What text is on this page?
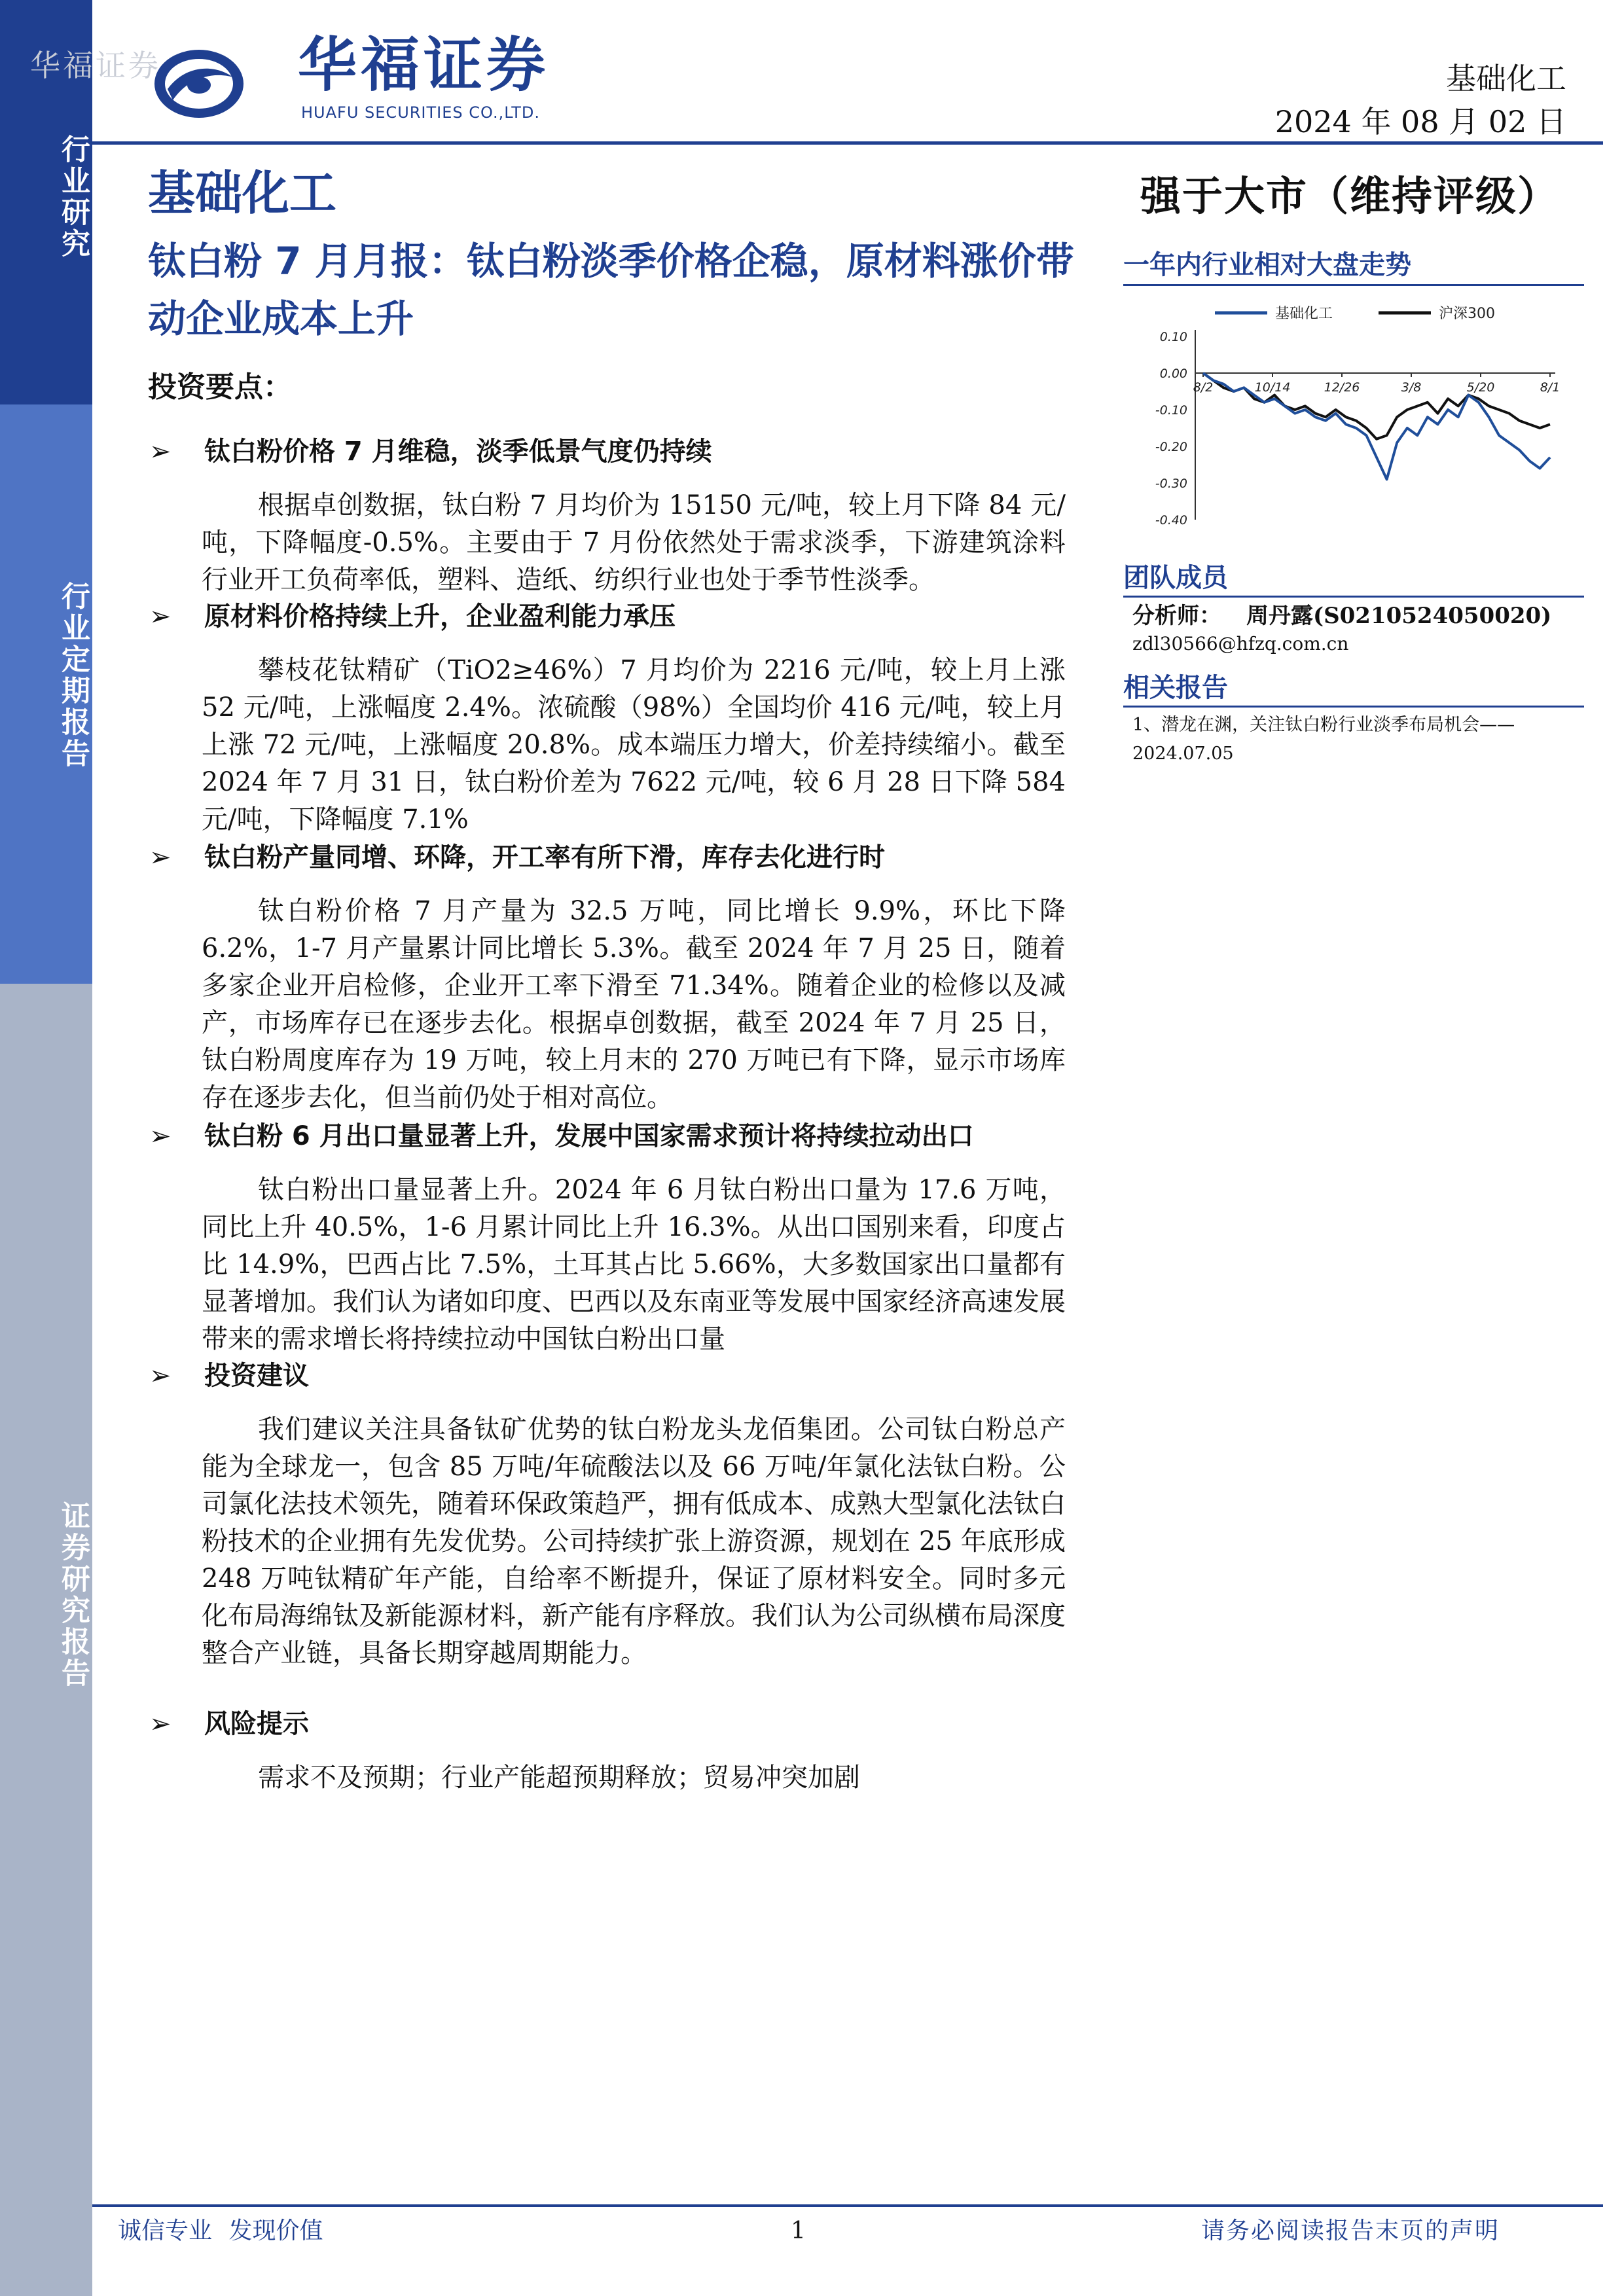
行业研究
行业定期报告
证券研究报告
华福证券 华福证券
HUAFU SECURITIES CO.,LTD.
基础化工
2024 年 08 月 02 日
基础化工
钛白粉 7 月月报：钛白粉淡季价格企稳，原材料涨价带动企业成本上升
投资要点：
➢ 钛白粉价格 7 月维稳，淡季低景气度仍持续
根据卓创数据，钛白粉 7 月均价为 15150 元/吨，较上月下降 84 元/吨，下降幅度-0.5%。主要由于 7 月份依然处于需求淡季，下游建筑涂料行业开工负荷率低，塑料、造纸、纺织行业也处于季节性淡季。
➢ 原材料价格持续上升，企业盈利能力承压
攀枝花钛精矿（TiO2≥46%）7 月均价为 2216 元/吨，较上月上涨 52 元/吨，上涨幅度 2.4%。浓硫酸（98%）全国均价 416 元/吨，较上月上涨 72 元/吨，上涨幅度 20.8%。成本端压力增大，价差持续缩小。截至 2024 年 7 月 31 日，钛白粉价差为 7622 元/吨，较 6 月 28 日下降 584 元/吨，下降幅度 7.1%
➢ 钛白粉产量同增、环降，开工率有所下滑，库存去化进行时
钛白粉价格 7 月产量为 32.5 万吨，同比增长 9.9%，环比下降 6.2%，1-7 月产量累计同比增长 5.3%。截至 2024 年 7 月 25 日，随着多家企业开启检修，企业开工率下滑至 71.34%。随着企业的检修以及减产，市场库存已在逐步去化。根据卓创数据，截至 2024 年 7 月 25 日，钛白粉周度库存为 19 万吨，较上月末的 270 万吨已有下降，显示市场库存在逐步去化，但当前仍处于相对高位。
➢ 钛白粉 6 月出口量显著上升，发展中国家需求预计将持续拉动出口
钛白粉出口量显著上升。2024 年 6 月钛白粉出口量为 17.6 万吨，同比上升 40.5%，1-6 月累计同比上升 16.3%。从出口国别来看，印度占比 14.9%，巴西占比 7.5%，土耳其占比 5.66%，大多数国家出口量都有显著增加。我们认为诸如印度、巴西以及东南亚等发展中国家经济高速发展带来的需求增长将持续拉动中国钛白粉出口量
➢ 投资建议
我们建议关注具备钛矿优势的钛白粉龙头龙佰集团。公司钛白粉总产能为全球龙一，包含 85 万吨/年硫酸法以及 66 万吨/年氯化法钛白粉。公司氯化法技术领先，随着环保政策趋严，拥有低成本、成熟大型氯化法钛白粉技术的企业拥有先发优势。公司持续扩张上游资源，规划在 25 年底形成 248 万吨钛精矿年产能，自给率不断提升，保证了原材料安全。同时多元化布局海绵钛及新能源材料，新产能有序释放。我们认为公司纵横布局深度整合产业链，具备长期穿越周期能力。
➢ 风险提示
需求不及预期；行业产能超预期释放；贸易冲突加剧
强于大市（维持评级）
一年内行业相对大盘走势
基础化工	沪深300
0.10
0.00
-0.10
-0.20
-0.30
-0.40
8/2	10/14	12/26	3/8	5/20	8/1
团队成员
分析师： 周丹露(S0210524050020)
zdl30566@hfzq.com.cn
相关报告
1、潜龙在渊，关注钛白粉行业淡季布局机会——2024.07.05
诚信专业 发现价值	1	请务必阅读报告末页的声明
